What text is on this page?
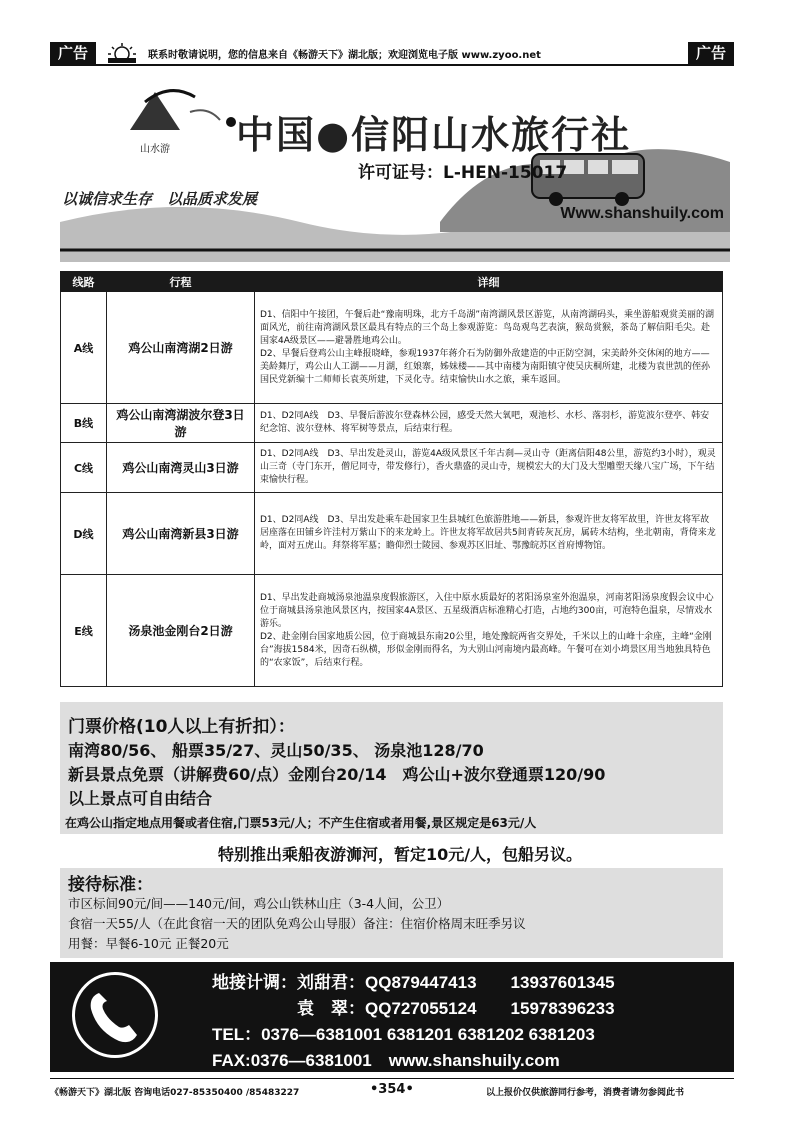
广告	联系时敬请说明，您的信息来自《畅游天下》湖北版；欢迎浏览电子版 www.zyoo.net	广告
山水游 中国●信阳山水旅行社
许可证号：L-HEN-15017
以诚信求生存　以品质求发展
Www.shanshuily.com
线路	行程	详细
A线	鸡公山南湾湖2日游	D1、信阳中午接团，午餐后赴“豫南明珠，北方千岛湖”南湾湖风景区游览，从南湾湖码头，乘坐游船观赏美丽的湖面风光，前往南湾湖风景区最具有特点的三个岛上参观游览：鸟岛观鸟艺表演，猴岛赏猴，茶岛了解信阳毛尖。赴国家4A级景区——避暑胜地鸡公山。
D2、早餐后登鸡公山主峰报晓峰，参观1937年蒋介石为防御外敌建造的中正防空洞，宋美龄外交休闲的地方——美龄舞厅，鸡公山人工湖——月湖，红娘寨，姊妹楼——其中南楼为南阳镇守使吴庆桐所建，北楼为袁世凯的侄孙国民党新编十二师师长袁英所建，下灵化寺。结束愉快山水之旅，乘车返回。
B线	鸡公山南湾湖波尔登3日游	D1、D2同A线　D3、早餐后游波尔登森林公园，感受天然大氧吧，观池杉、水杉、落羽杉，游览波尔登亭、韩安纪念馆、波尔登林、将军树等景点，后结束行程。
C线	鸡公山南湾灵山3日游	D1、D2同A线　D3、早出发赴灵山，游览4A级风景区千年古刹—灵山寺（距离信阳48公里，游览约3小时），观灵山三奇（寺门东开，僧尼同寺，带发修行），香火鼎盛的灵山寺，规模宏大的大门及大型雕塑天缘八宝广场，下午结束愉快行程。
D线	鸡公山南湾新县3日游	D1、D2同A线　D3、早出发赴乘车赴国家卫生县城红色旅游胜地——新县，参观许世友将军故里，许世友将军故居座落在田铺乡许洼村万紫山下的来龙岭上。许世友将军故居共5间青砖灰瓦房，属砖木结构，坐北朝南，背倚来龙岭，面对五虎山。拜祭将军墓；瞻仰烈士陵园、参观苏区旧址、鄂豫皖苏区首府博物馆。
E线	汤泉池金刚台2日游	D1、早出发赴商城汤泉池温泉度假旅游区，入住中原水质最好的茗阳汤泉室外泡温泉，河南茗阳汤泉度假会议中心位于商城县汤泉池风景区内，按国家4A景区、五星级酒店标准精心打造，占地约300亩，可泡特色温泉，尽情戏水游乐。
D2、赴金刚台国家地质公园，位于商城县东南20公里，地处豫皖两省交界处，千米以上的山峰十余座，主峰“金刚台”海拔1584米，因奇石纵横，形似金刚而得名，为大别山河南境内最高峰。午餐可在刘小塆景区用当地独具特色的“农家饭”，后结束行程。
门票价格(10人以上有折扣）：
南湾80/56、 船票35/27、灵山50/35、 汤泉池128/70
新县景点免票（讲解费60/点）金刚台20/14　鸡公山+波尔登通票120/90
以上景点可自由结合
在鸡公山指定地点用餐或者住宿,门票53元/人；不产生住宿或者用餐,景区规定是63元/人
特别推出乘船夜游浉河，暂定10元/人，包船另议。
接待标准：
市区标间90元/间——140元/间，鸡公山铁林山庄（3-4人间，公卫）
食宿一天55/人（在此食宿一天的团队免鸡公山导服）备注：住宿价格周末旺季另议
用餐：早餐6-10元 正餐20元
地接计调：刘甜君：QQ879447413　　13937601345
　　　　　袁　翠：QQ727055124　　15978396233
TEL：0376—6381001 6381201 6381202 6381203
FAX:0376—6381001　www.shanshuily.com
《畅游天下》湖北版 咨询电话027-85350400 /85483227	•354•	以上报价仅供旅游同行参考，消费者请勿参阅此书
